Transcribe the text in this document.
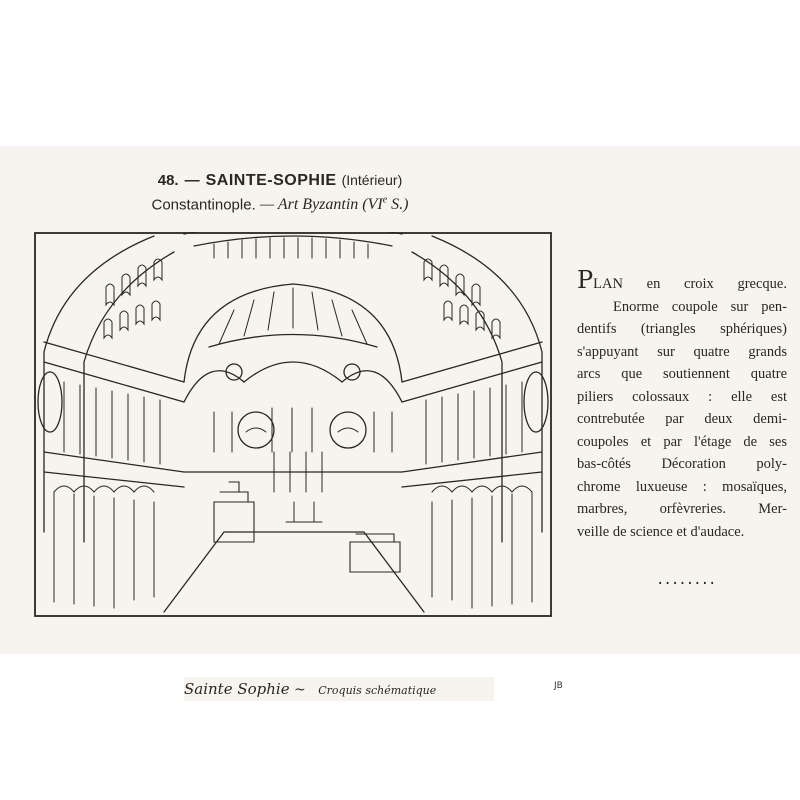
48. — SAINTE-SOPHIE (Intérieur)
Constantinople. — Art Byzantin (VIe S.)
Sainte Sophie ~ Croquis schématique	JB
PLAN en croix grecque.
Enorme coupole sur pen-
dentifs (triangles sphériques)
s'appuyant sur quatre grands
arcs que soutiennent quatre
piliers colossaux : elle est
contrebutée par deux demi-
coupoles et par l'étage de ses
bas-côtés Décoration poly-
chrome luxueuse : mosaïques,
marbres, orfèvreries. Mer-
veille de science et d'audace.
........
